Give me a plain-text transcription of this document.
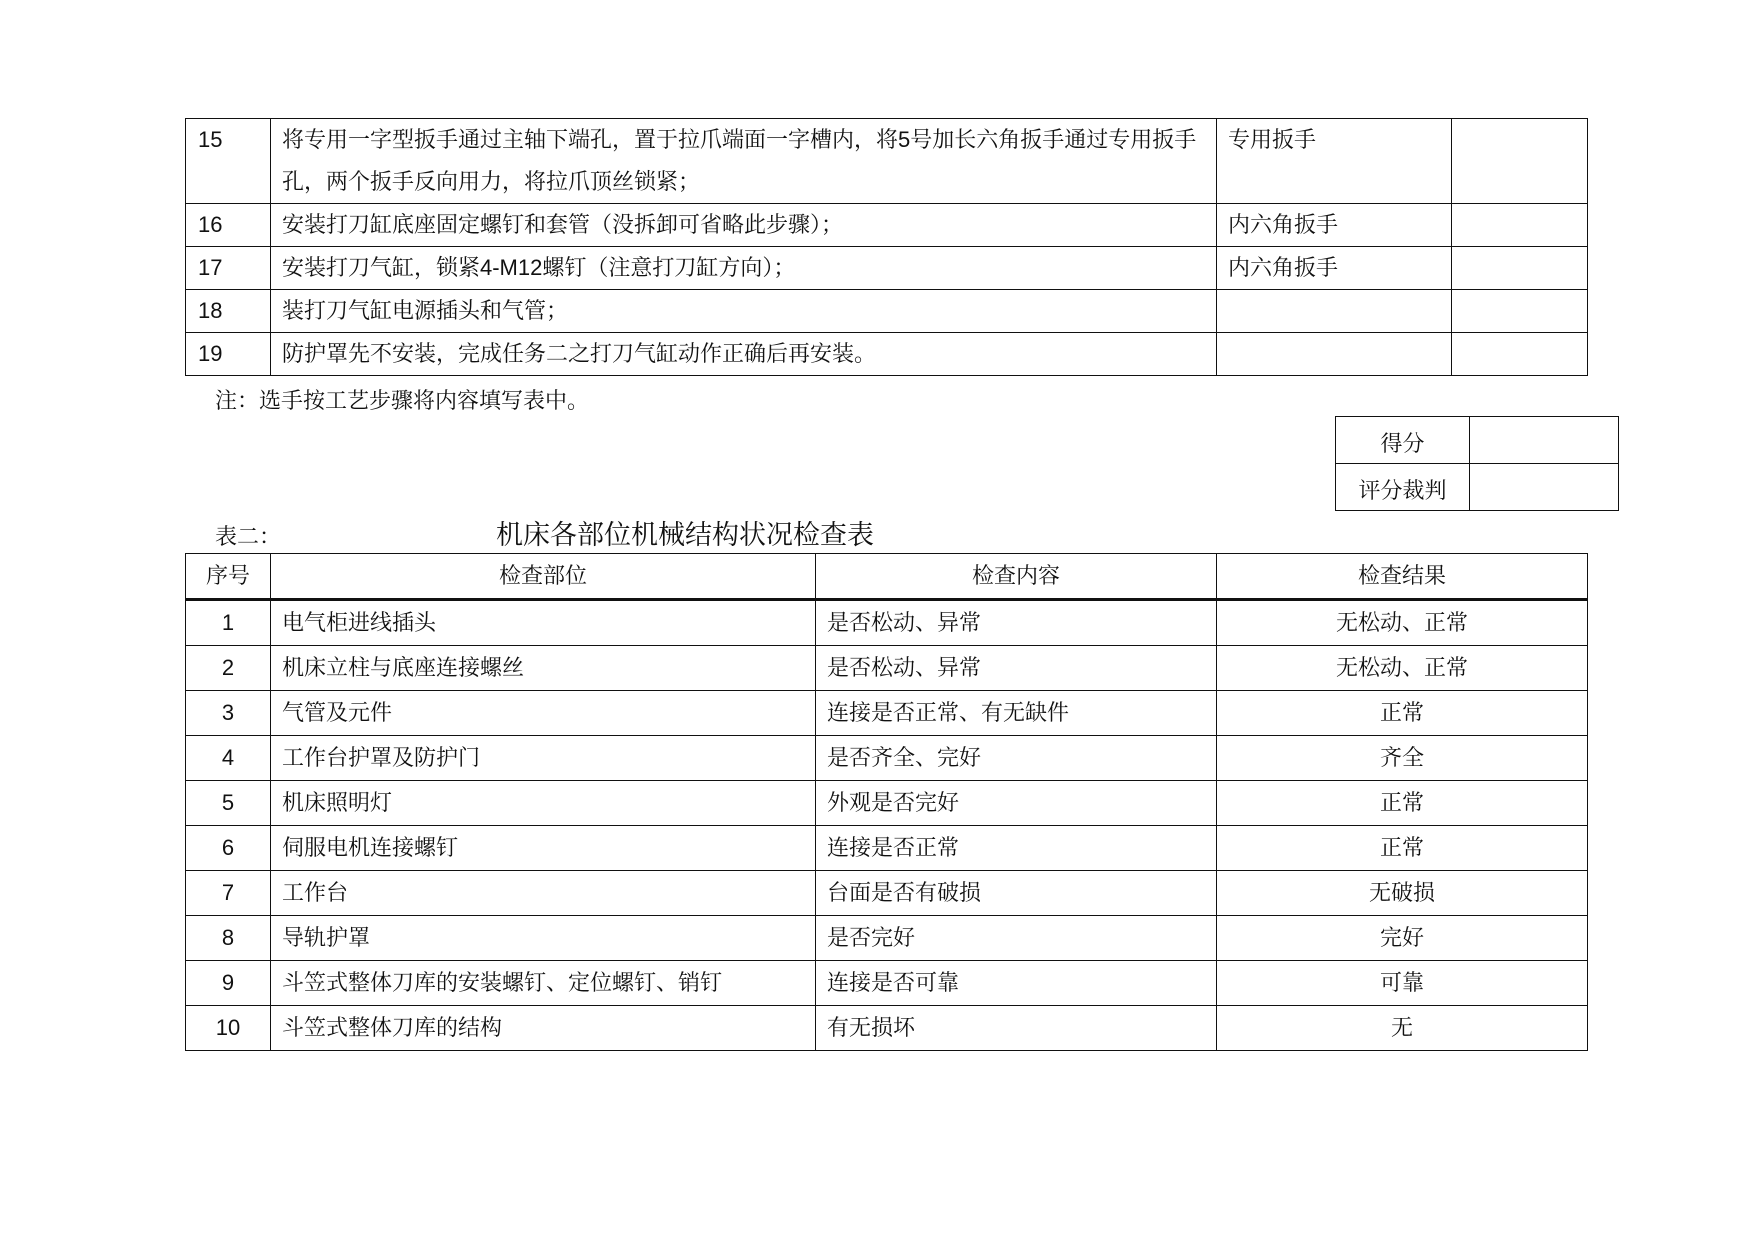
15	将专用一字型扳手通过主轴下端孔，置于拉爪端面一字槽内，将5号加长六角扳手通过专用扳手孔，两个扳手反向用力，将拉爪顶丝锁紧；	专用扳手	
16	安装打刀缸底座固定螺钉和套管（没拆卸可省略此步骤）；	内六角扳手	
17	安装打刀气缸，锁紧4-M12螺钉（注意打刀缸方向）；	内六角扳手	
18	装打刀气缸电源插头和气管；		
19	防护罩先不安装，完成任务二之打刀气缸动作正确后再安装。		
注：选手按工艺步骤将内容填写表中。
得分	
评分裁判	
表二：	机床各部位机械结构状况检查表
序号	检查部位	检查内容	检查结果
1	电气柜进线插头	是否松动、异常	无松动、正常
2	机床立柱与底座连接螺丝	是否松动、异常	无松动、正常
3	气管及元件	连接是否正常、有无缺件	正常
4	工作台护罩及防护门	是否齐全、完好	齐全
5	机床照明灯	外观是否完好	正常
6	伺服电机连接螺钉	连接是否正常	正常
7	工作台	台面是否有破损	无破损
8	导轨护罩	是否完好	完好
9	斗笠式整体刀库的安装螺钉、定位螺钉、销钉	连接是否可靠	可靠
10	斗笠式整体刀库的结构	有无损坏	无
